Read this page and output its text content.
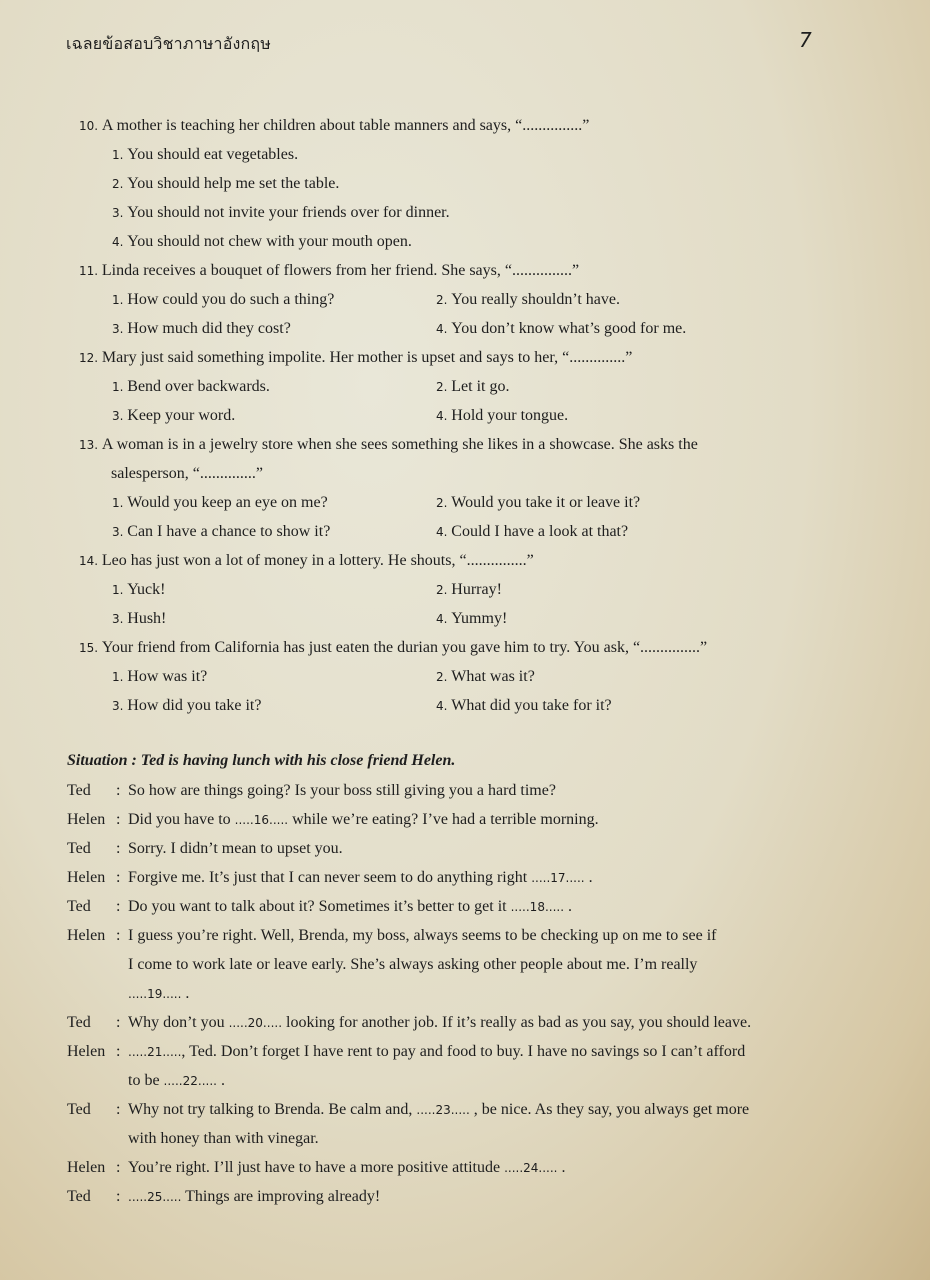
เฉลยข้อสอบวิชาภาษาอังกฤษ	7
10. A mother is teaching her children about table manners and says, “...............”
1. You should eat vegetables.
2. You should help me set the table.
3. You should not invite your friends over for dinner.
4. You should not chew with your mouth open.
11. Linda receives a bouquet of flowers from her friend. She says, “...............”
1. How could you do such a thing?	2. You really shouldn’t have.
3. How much did they cost?	4. You don’t know what’s good for me.
12. Mary just said something impolite. Her mother is upset and says to her, “..............”
1. Bend over backwards.	2. Let it go.
3. Keep your word.	4. Hold your tongue.
13. A woman is in a jewelry store when she sees something she likes in a showcase. She asks the
salesperson, “..............”
1. Would you keep an eye on me?	2. Would you take it or leave it?
3. Can I have a chance to show it?	4. Could I have a look at that?
14. Leo has just won a lot of money in a lottery. He shouts, “...............”
1. Yuck!	2. Hurray!
3. Hush!	4. Yummy!
15. Your friend from California has just eaten the durian you gave him to try. You ask, “...............”
1. How was it?	2. What was it?
3. How did you take it?	4. What did you take for it?
Situation : Ted is having lunch with his close friend Helen.
Ted : So how are things going? Is your boss still giving you a hard time?
Helen : Did you have to .....16..... while we’re eating? I’ve had a terrible morning.
Ted : Sorry. I didn’t mean to upset you.
Helen : Forgive me. It’s just that I can never seem to do anything right .....17..... .
Ted : Do you want to talk about it? Sometimes it’s better to get it .....18..... .
Helen : I guess you’re right. Well, Brenda, my boss, always seems to be checking up on me to see if
I come to work late or leave early. She’s always asking other people about me. I’m really
.....19..... .
Ted : Why don’t you .....20..... looking for another job. If it’s really as bad as you say, you should leave.
Helen : .....21....., Ted. Don’t forget I have rent to pay and food to buy. I have no savings so I can’t afford
to be .....22..... .
Ted : Why not try talking to Brenda. Be calm and, .....23..... , be nice. As they say, you always get more
with honey than with vinegar.
Helen : You’re right. I’ll just have to have a more positive attitude .....24..... .
Ted : .....25..... Things are improving already!
